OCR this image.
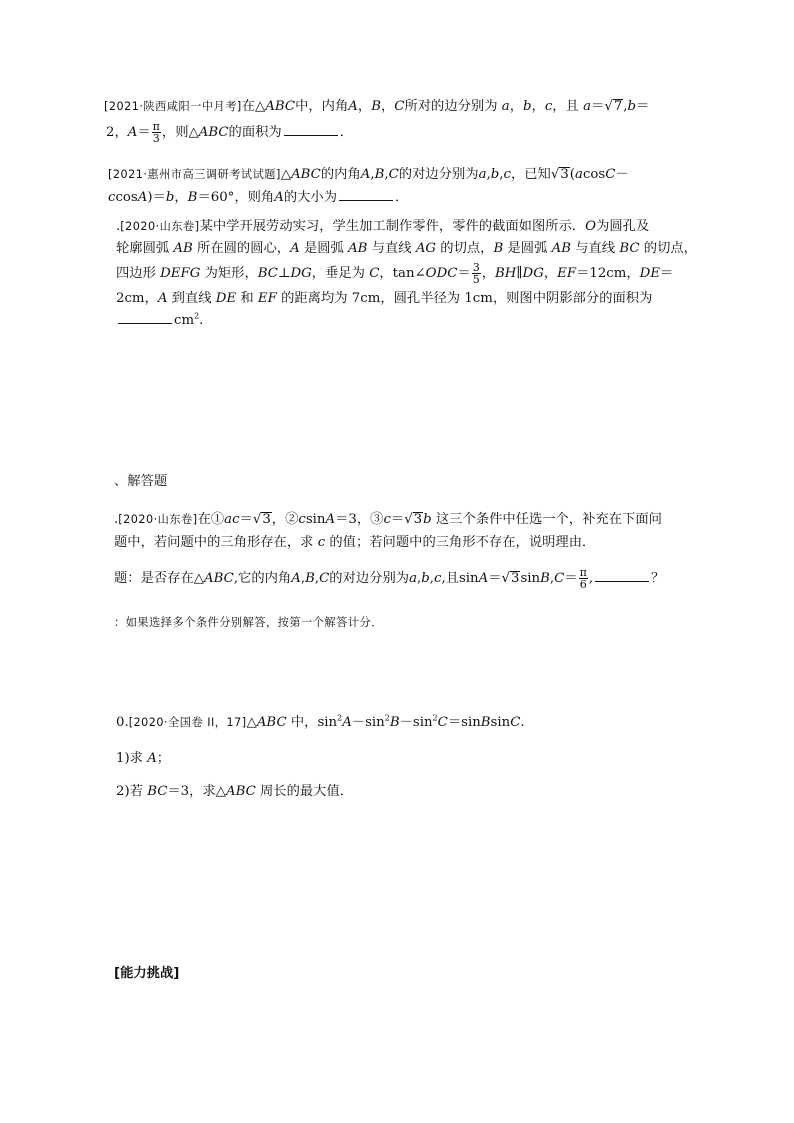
[2021·陕西咸阳一中月考]在△ABC中，内角A，B，C所对的边分别为 a，b，c，且 a＝√7,b＝
2，$A= \frac{\pi}{3}$ ，则△ABC的面积为	．
[2021·惠州市高三调研考试试题]△ABC的内角A,B,C的对边分别为a,b,c，已知√3(acosC－
ccosA)＝b，B＝60°，则角A的大小为	．
.[2020·山东卷]某中学开展劳动实习，学生加工制作零件，零件的截面如图所示．O为圆孔及
轮廓圆弧 AB 所在圆的圆心，A 是圆弧 AB 与直线 AG 的切点，B 是圆弧 AB 与直线 BC 的切点，
四边形 DEFG 为矩形，BC⊥DG，垂足为 C，tan∠ODC＝ $\frac{3}{5}$ ，BH∥DG，EF＝12cm，DE＝
2cm，A 到直线 DE 和 EF 的距离均为 7cm，圆孔半径为 1cm，则图中阴影部分的面积为
$cm^2$.
、解答题
.[2020·山东卷]在①ac＝√3，②csinA＝3，③c＝√3b 这三个条件中任选一个，补充在下面问
题中，若问题中的三角形存在，求 c 的值；若问题中的三角形不存在，说明理由．
题：是否存在△ABC,它的内角A,B,C的对边分别为a,b,c,且$\sin A=√3\sin B,C= \frac{\pi}{6}$ ,	？
：如果选择多个条件分别解答，按第一个解答计分．
0.[2020·全国卷 II，17]△ABC 中，$\sin^2A-\sin^2B-\sin^2C=sinBsinC$.
1)求 A；
2)若 BC＝3，求△ABC 周长的最大值．
[能力挑战]
